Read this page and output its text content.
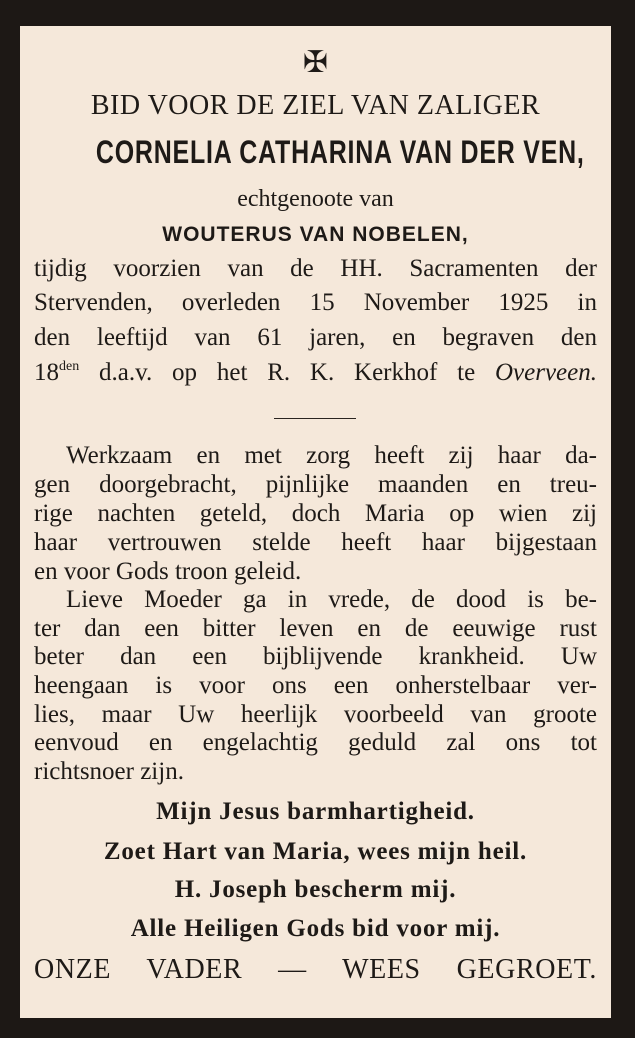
✠
BID VOOR DE ZIEL VAN ZALIGER
CORNELIA CATHARINA VAN DER VEN,
echtgenoote van
WOUTERUS VAN NOBELEN,
tijdig voorzien van de HH. Sacramenten der
Stervenden, overleden 15 November 1925 in
den leeftijd van 61 jaren, en begraven den
$18^{den}$ d.a.v. op het R. K. Kerkhof te Overveen.
Werkzaam en met zorg heeft zij haar da-
gen doorgebracht, pijnlijke maanden en treu-
rige nachten geteld, doch Maria op wien zij
haar vertrouwen stelde heeft haar bijgestaan
en voor Gods troon geleid.
Lieve Moeder ga in vrede, de dood is be-
ter dan een bitter leven en de eeuwige rust
beter dan een bijblijvende krankheid. Uw
heengaan is voor ons een onherstelbaar ver-
lies, maar Uw heerlijk voorbeeld van groote
eenvoud en engelachtig geduld zal ons tot
richtsnoer zijn.
Mijn Jesus barmhartigheid.
Zoet Hart van Maria, wees mijn heil.
H. Joseph bescherm mij.
Alle Heiligen Gods bid voor mij.
ONZE VADER — WEES GEGROET.
